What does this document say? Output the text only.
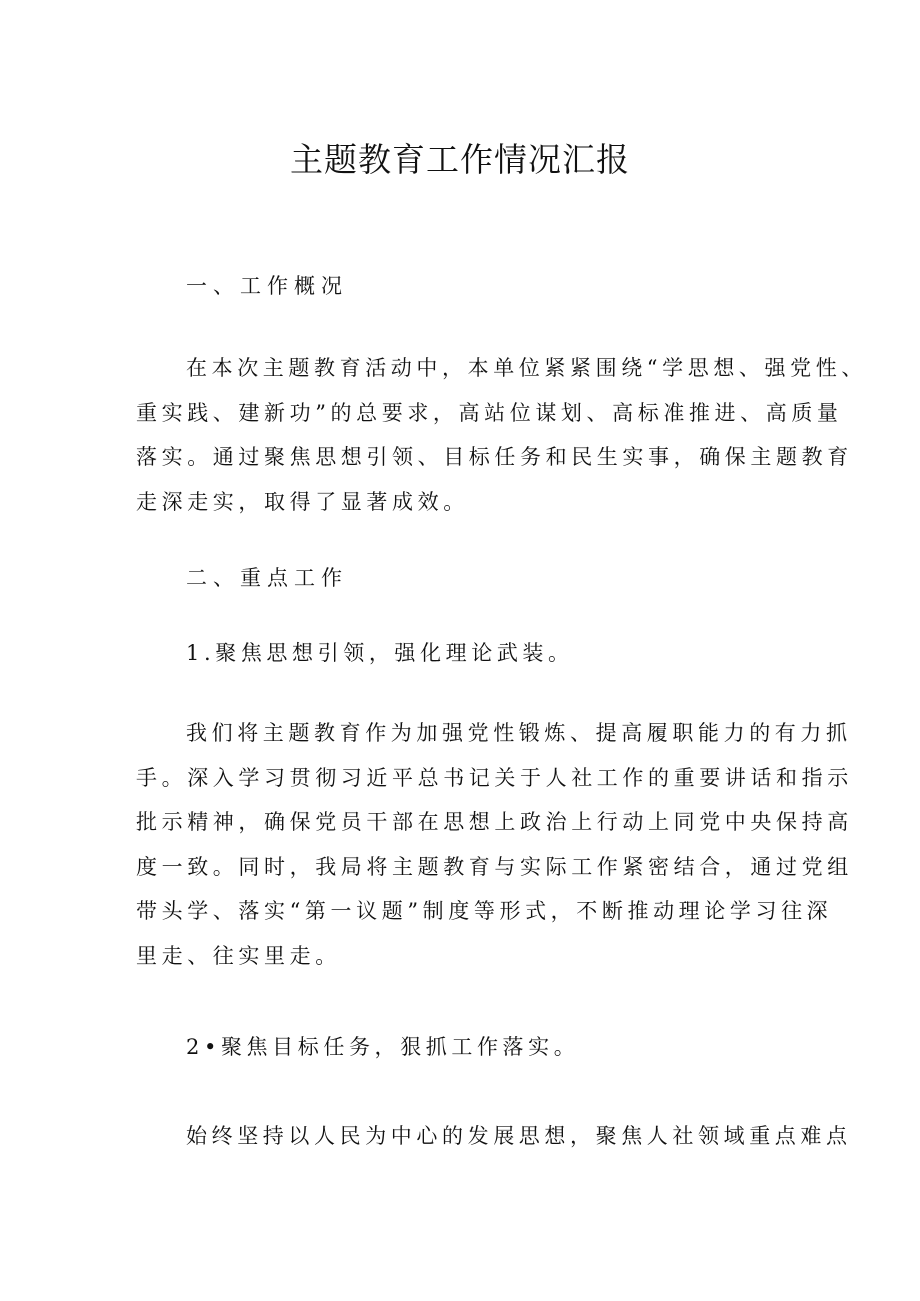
主题教育工作情况汇报
一、工作概况
在本次主题教育活动中，本单位紧紧围绕“学思想、强党性、
重实践、建新功”的总要求，高站位谋划、高标准推进、高质量
落实。通过聚焦思想引领、目标任务和民生实事，确保主题教育
走深走实，取得了显著成效。
二、重点工作
1.聚焦思想引领，强化理论武装。
我们将主题教育作为加强党性锻炼、提高履职能力的有力抓
手。深入学习贯彻习近平总书记关于人社工作的重要讲话和指示
批示精神，确保党员干部在思想上政治上行动上同党中央保持高
度一致。同时，我局将主题教育与实际工作紧密结合，通过党组
带头学、落实“第一议题”制度等形式，不断推动理论学习往深
里走、往实里走。
2•聚焦目标任务，狠抓工作落实。
始终坚持以人民为中心的发展思想，聚焦人社领域重点难点
